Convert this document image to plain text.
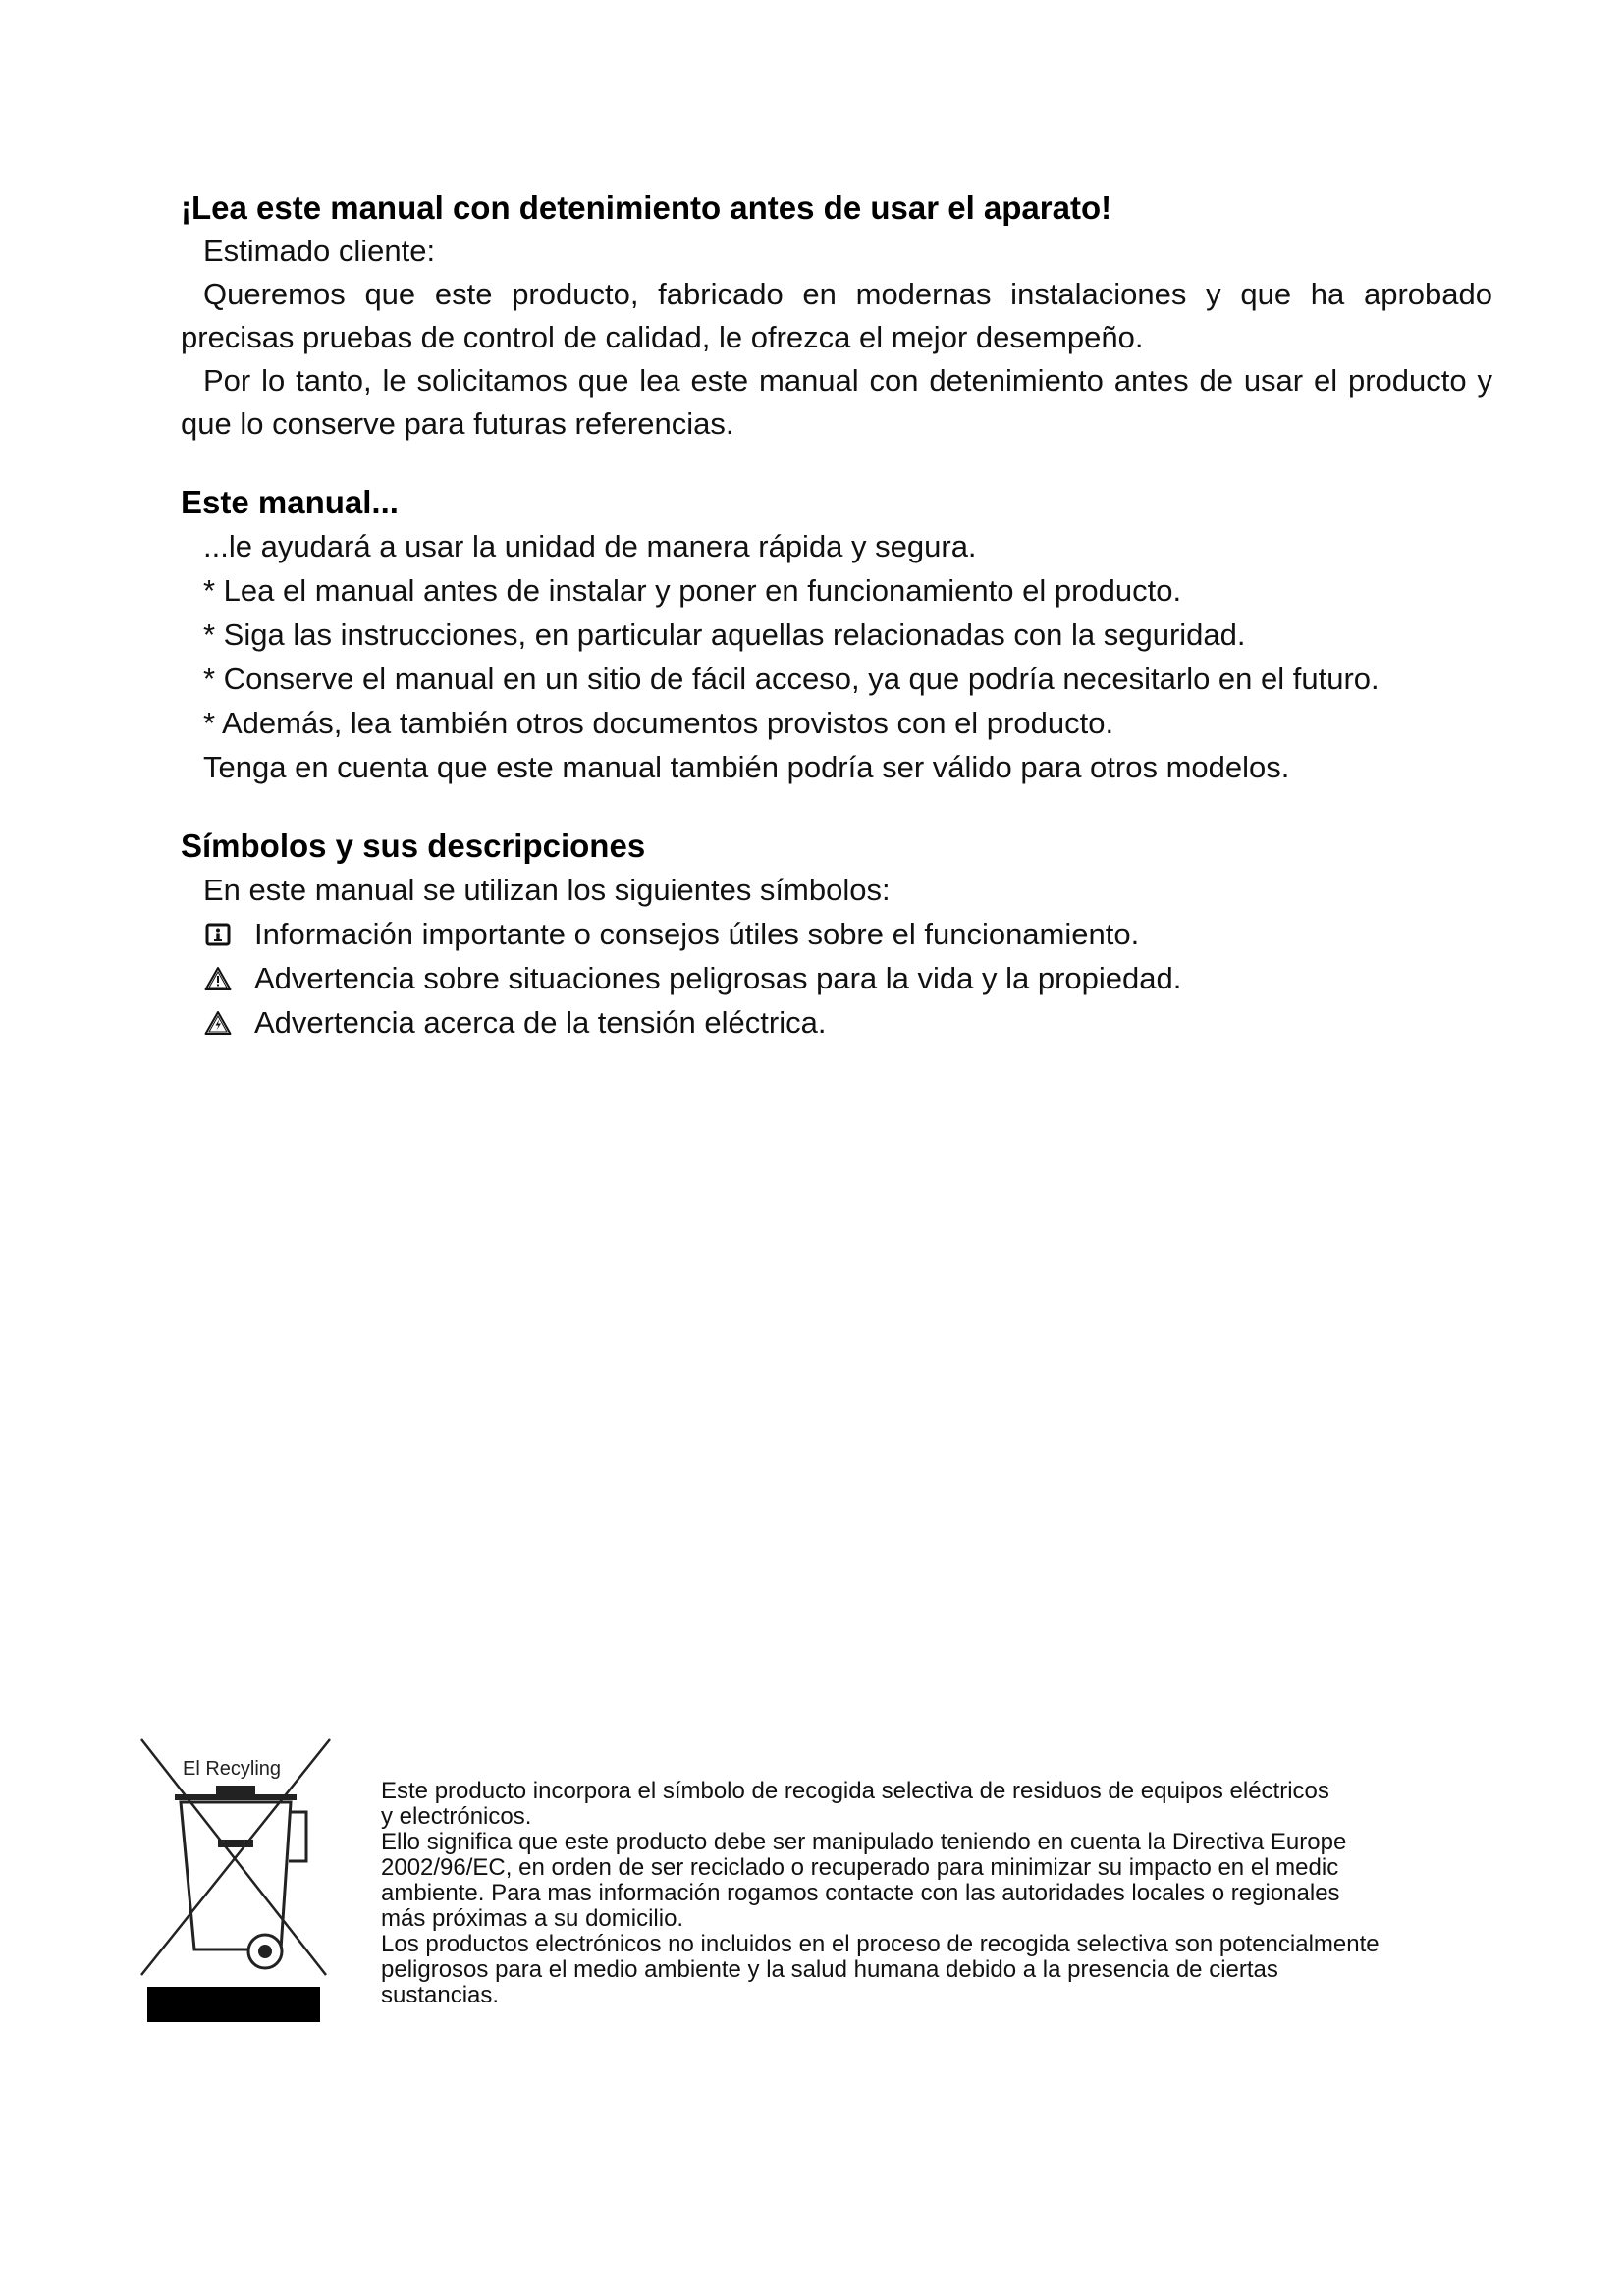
¡Lea este manual con detenimiento antes de usar el aparato!

Estimado cliente:

Queremos que este producto, fabricado en modernas instalaciones y que ha aprobado precisas pruebas de control de calidad, le ofrezca el mejor desempeño.

Por lo tanto, le solicitamos que lea este manual con detenimiento antes de usar el producto y que lo conserve para futuras referencias.

Este manual...

...le ayudará a usar la unidad de manera rápida y segura.

* Lea el manual antes de instalar y poner en funcionamiento el producto.

* Siga las instrucciones, en particular aquellas relacionadas con la seguridad.

* Conserve el manual en un sitio de fácil acceso, ya que podría necesitarlo en el futuro.

* Además, lea también otros documentos provistos con el producto.

Tenga en cuenta que este manual también podría ser válido para otros modelos.

Símbolos y sus descripciones

En este manual se utilizan los siguientes símbolos:

Información importante o consejos útiles sobre el funcionamiento.
Advertencia sobre situaciones peligrosas para la vida y la propiedad.
Advertencia acerca de la tensión eléctrica.
El Recyling

Este producto incorpora el símbolo de recogida selectiva de residuos de equipos eléctricos

y electrónicos.

Ello significa que este producto debe ser manipulado teniendo en cuenta la Directiva Europe

2002/96/EC, en orden de ser reciclado o recuperado para minimizar su impacto en el medic

ambiente. Para mas información rogamos contacte con las autoridades locales o regionales

más próximas a su domicilio.

Los productos electrónicos no incluidos en el proceso de recogida selectiva son potencialmente

peligrosos para el medio ambiente y la salud humana debido a la presencia de ciertas

sustancias.
